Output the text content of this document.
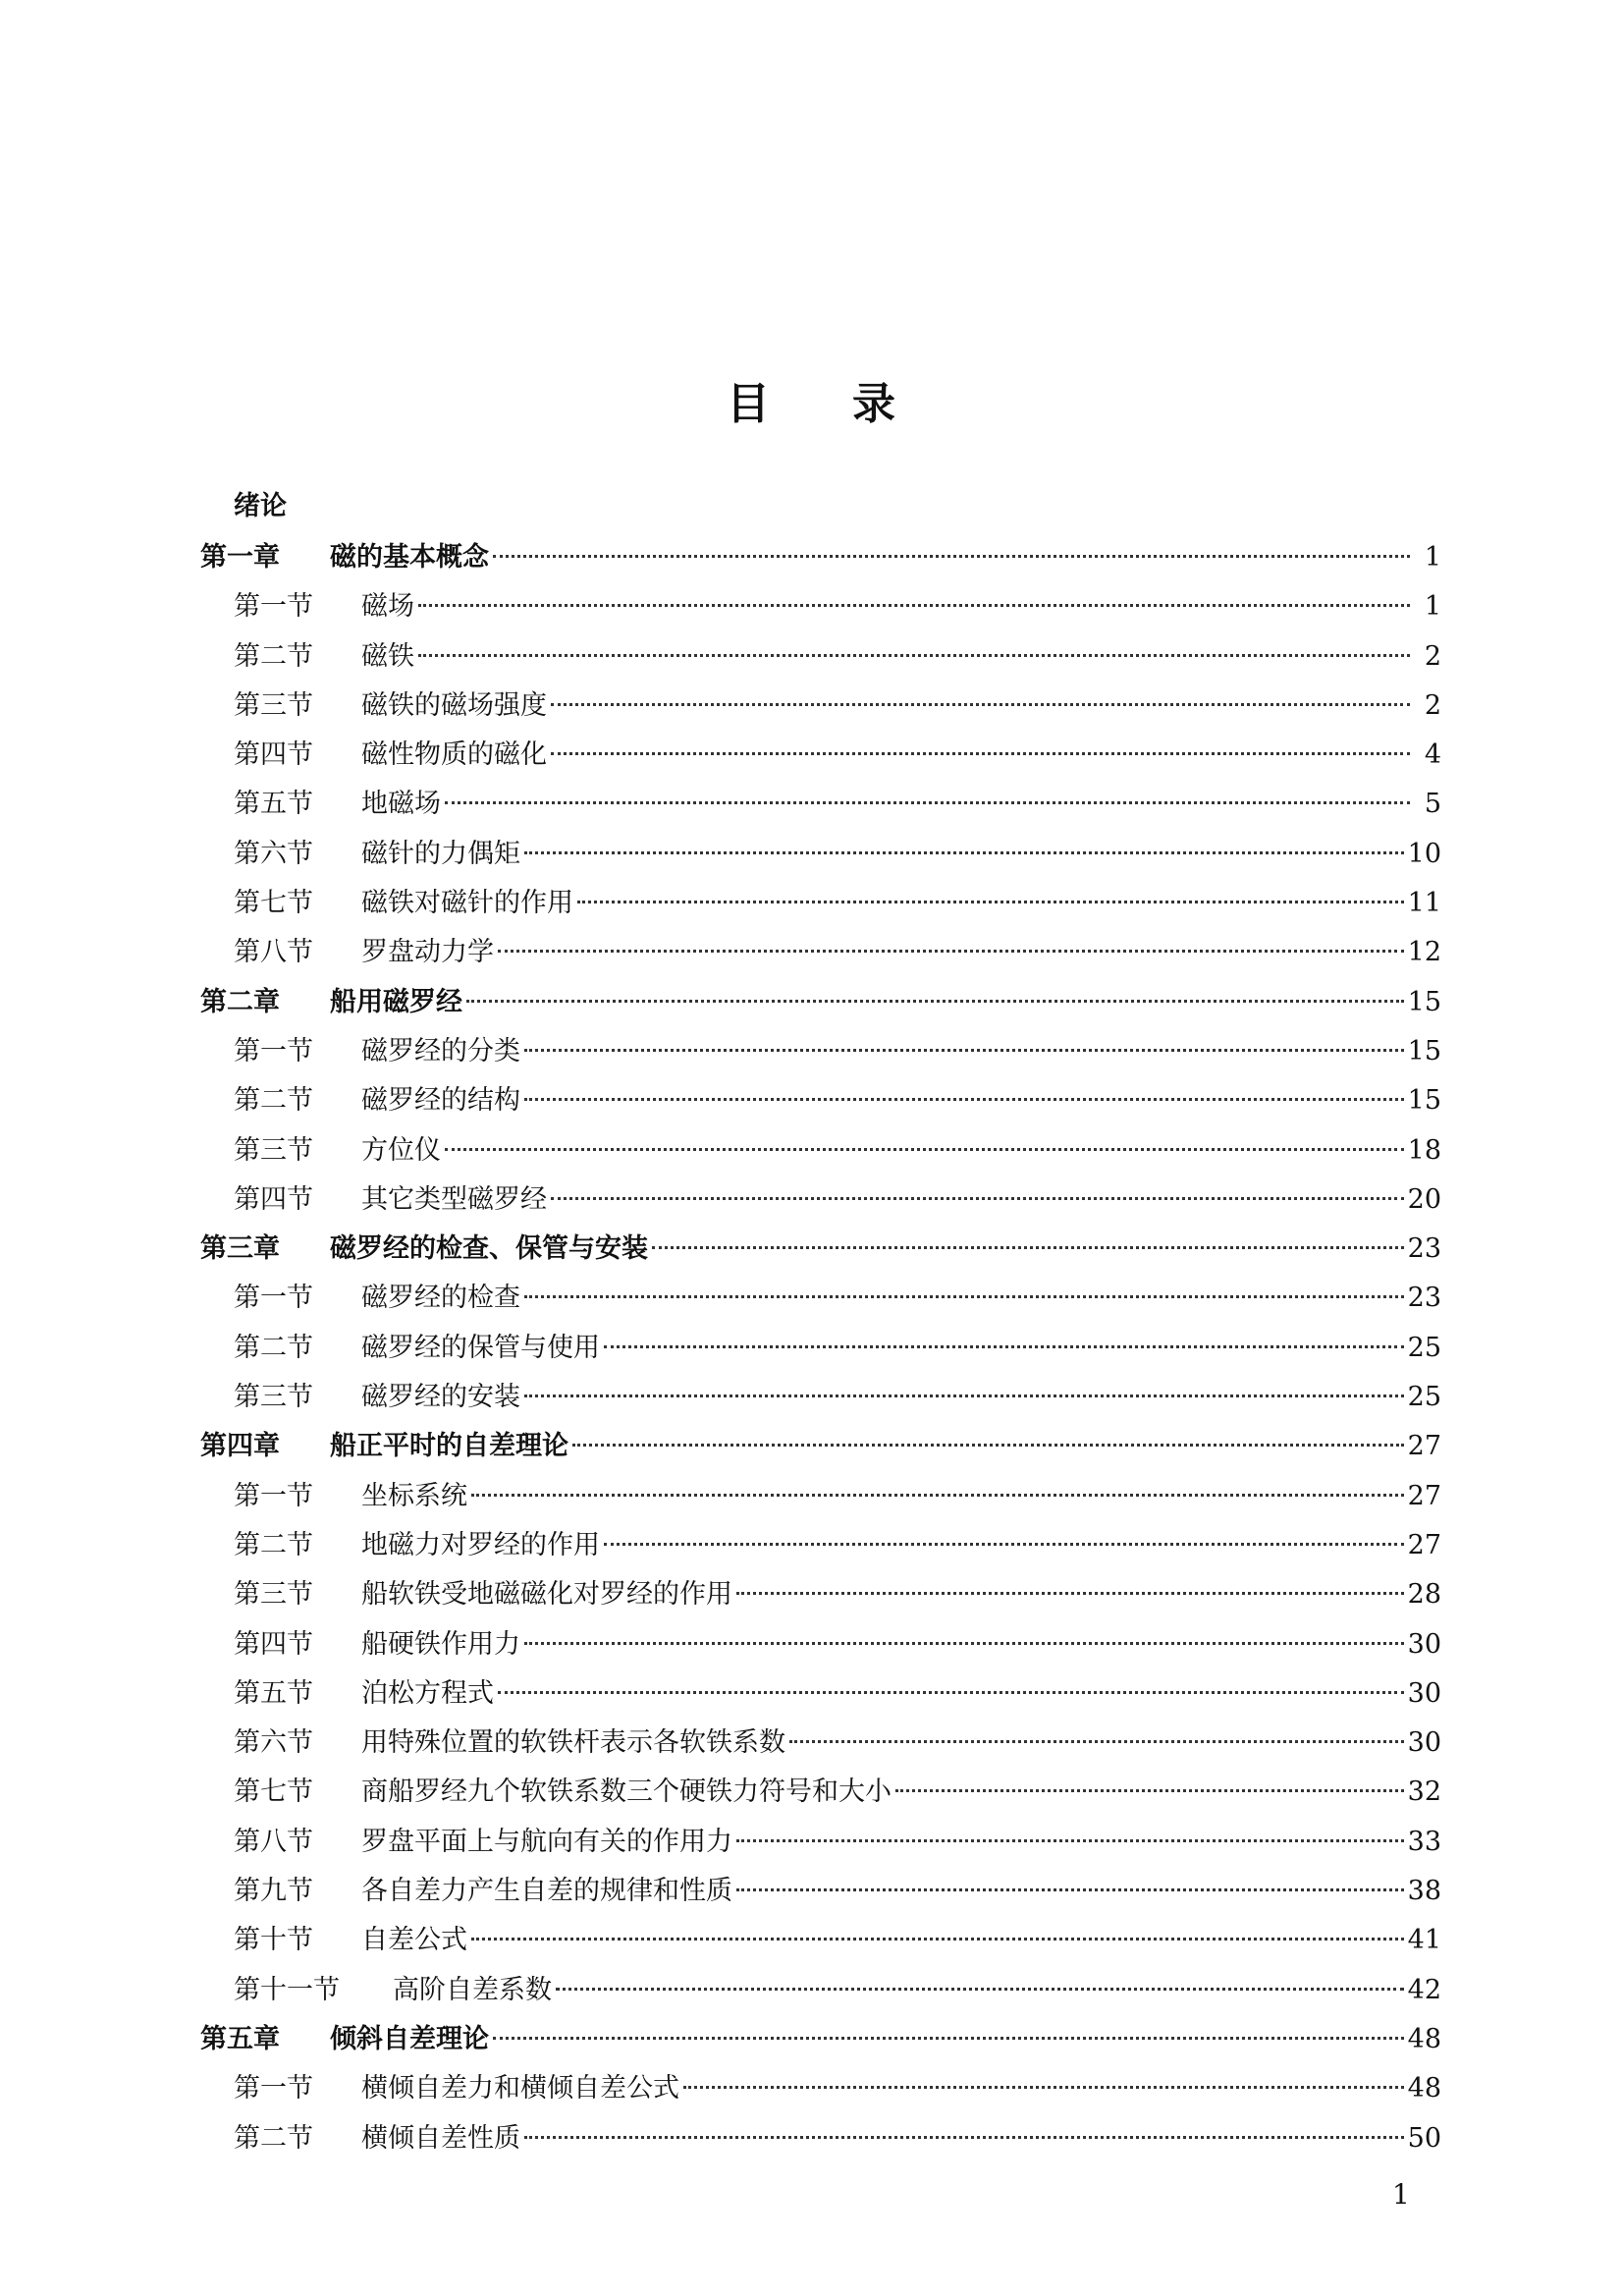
目 录
绪论
第一章	磁的基本概念	1
第一节	磁场	1
第二节	磁铁	2
第三节	磁铁的磁场强度	2
第四节	磁性物质的磁化	4
第五节	地磁场	5
第六节	磁针的力偶矩	10
第七节	磁铁对磁针的作用	11
第八节	罗盘动力学	12
第二章	船用磁罗经	15
第一节	磁罗经的分类	15
第二节	磁罗经的结构	15
第三节	方位仪	18
第四节	其它类型磁罗经	20
第三章	磁罗经的检查、保管与安装	23
第一节	磁罗经的检查	23
第二节	磁罗经的保管与使用	25
第三节	磁罗经的安装	25
第四章	船正平时的自差理论	27
第一节	坐标系统	27
第二节	地磁力对罗经的作用	27
第三节	船软铁受地磁磁化对罗经的作用	28
第四节	船硬铁作用力	30
第五节	泊松方程式	30
第六节	用特殊位置的软铁杆表示各软铁系数	30
第七节	商船罗经九个软铁系数三个硬铁力符号和大小	32
第八节	罗盘平面上与航向有关的作用力	33
第九节	各自差力产生自差的规律和性质	38
第十节	自差公式	41
第十一节	高阶自差系数	42
第五章	倾斜自差理论	48
第一节	横倾自差力和横倾自差公式	48
第二节	横倾自差性质	50
1
